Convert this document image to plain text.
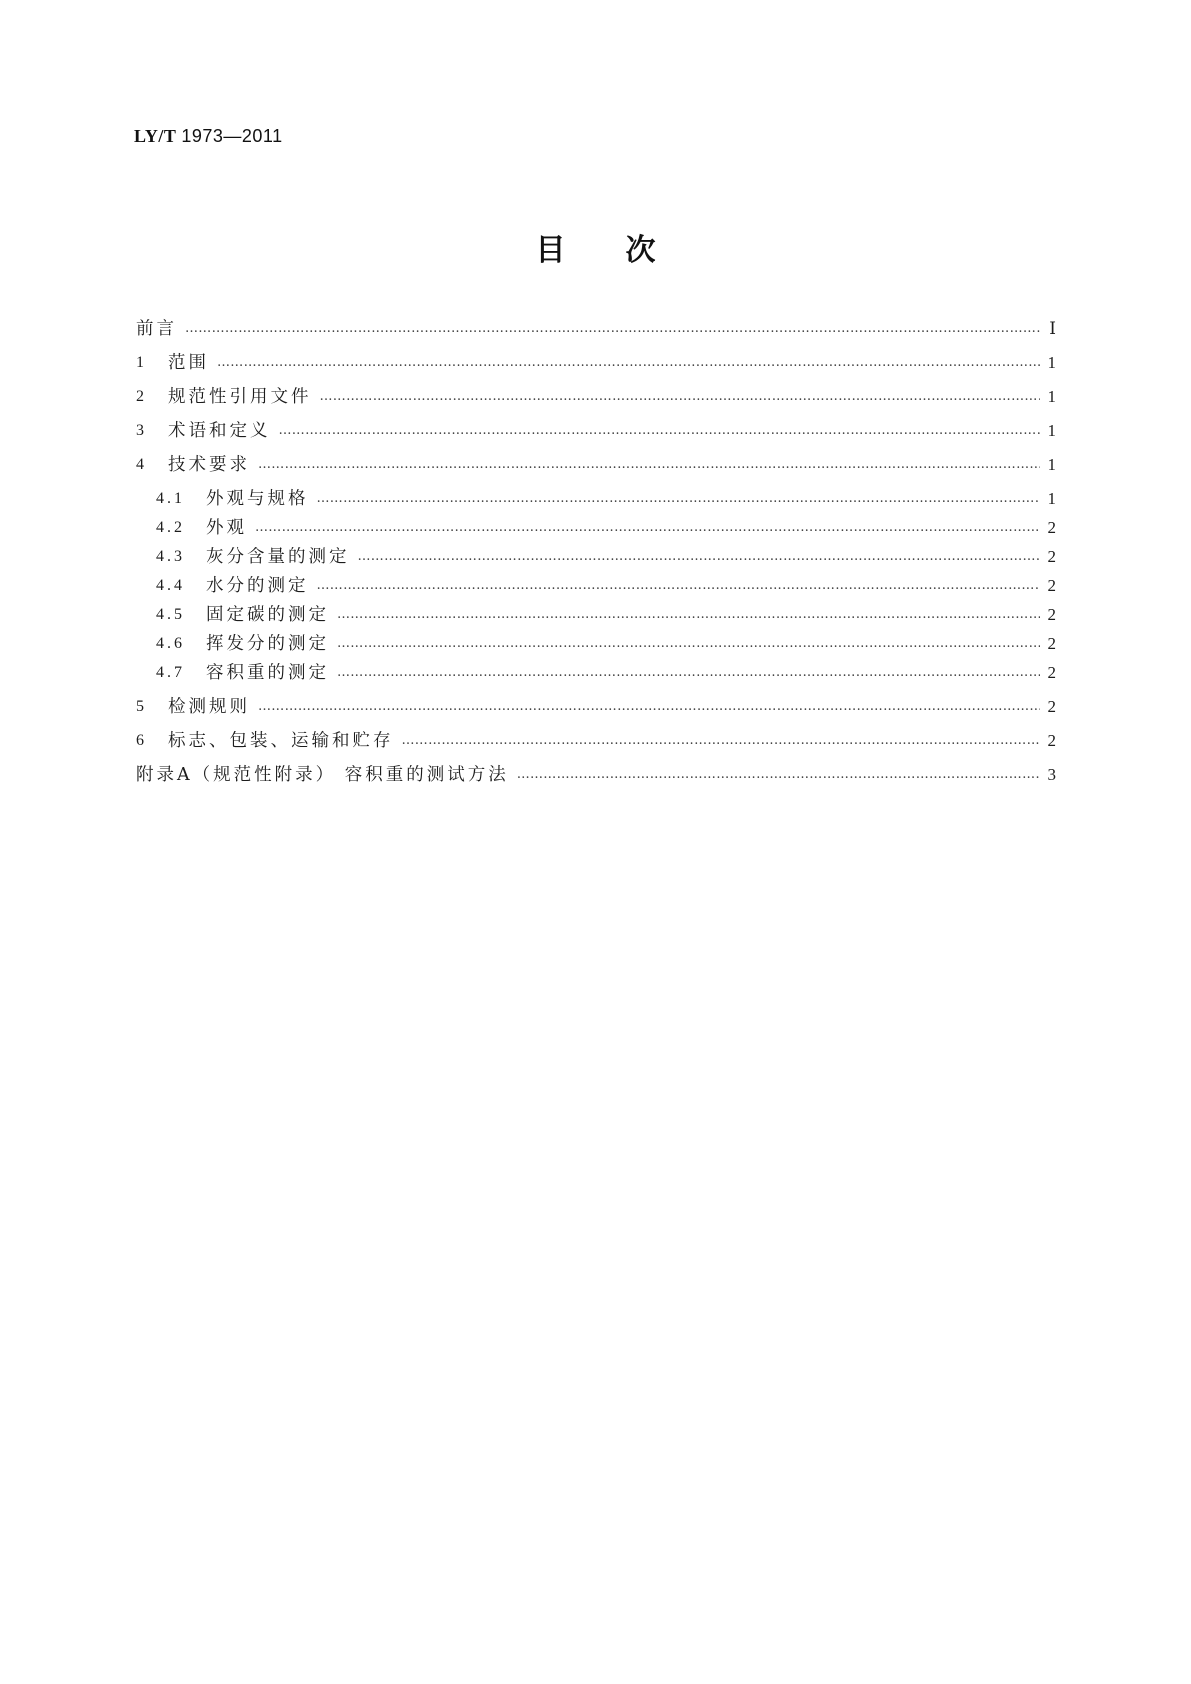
LY/T 1973—2011
目 次
前言 …………………………………………………………………………………………………………………………………………………………………………………………………………………………………………………………………………	Ⅰ
1	范围 …………………………………………………………………………………………………………………………………………………………………………………………………………………………………………………………………………	1
2	规范性引用文件 …………………………………………………………………………………………………………………………………………………………………………………………………………………………………………………………………………	1
3	术语和定义 …………………………………………………………………………………………………………………………………………………………………………………………………………………………………………………………………………	1
4	技术要求 …………………………………………………………………………………………………………………………………………………………………………………………………………………………………………………………………………	1
4.1	外观与规格 …………………………………………………………………………………………………………………………………………………………………………………………………………………………………………………………………………	1
4.2	外观 …………………………………………………………………………………………………………………………………………………………………………………………………………………………………………………………………………	2
4.3	灰分含量的测定 …………………………………………………………………………………………………………………………………………………………………………………………………………………………………………………………………………	2
4.4	水分的测定 …………………………………………………………………………………………………………………………………………………………………………………………………………………………………………………………………………	2
4.5	固定碳的测定 …………………………………………………………………………………………………………………………………………………………………………………………………………………………………………………………………………	2
4.6	挥发分的测定 …………………………………………………………………………………………………………………………………………………………………………………………………………………………………………………………………………	2
4.7	容积重的测定 …………………………………………………………………………………………………………………………………………………………………………………………………………………………………………………………………………	2
5	检测规则 …………………………………………………………………………………………………………………………………………………………………………………………………………………………………………………………………………	2
6	标志、包装、运输和贮存 …………………………………………………………………………………………………………………………………………………………………………………………………………………………………………………………………………	2
附录A（规范性附录） 容积重的测试方法 …………………………………………………………………………………………………………………………………………………………………………………………………………………………………………………………………………	3
